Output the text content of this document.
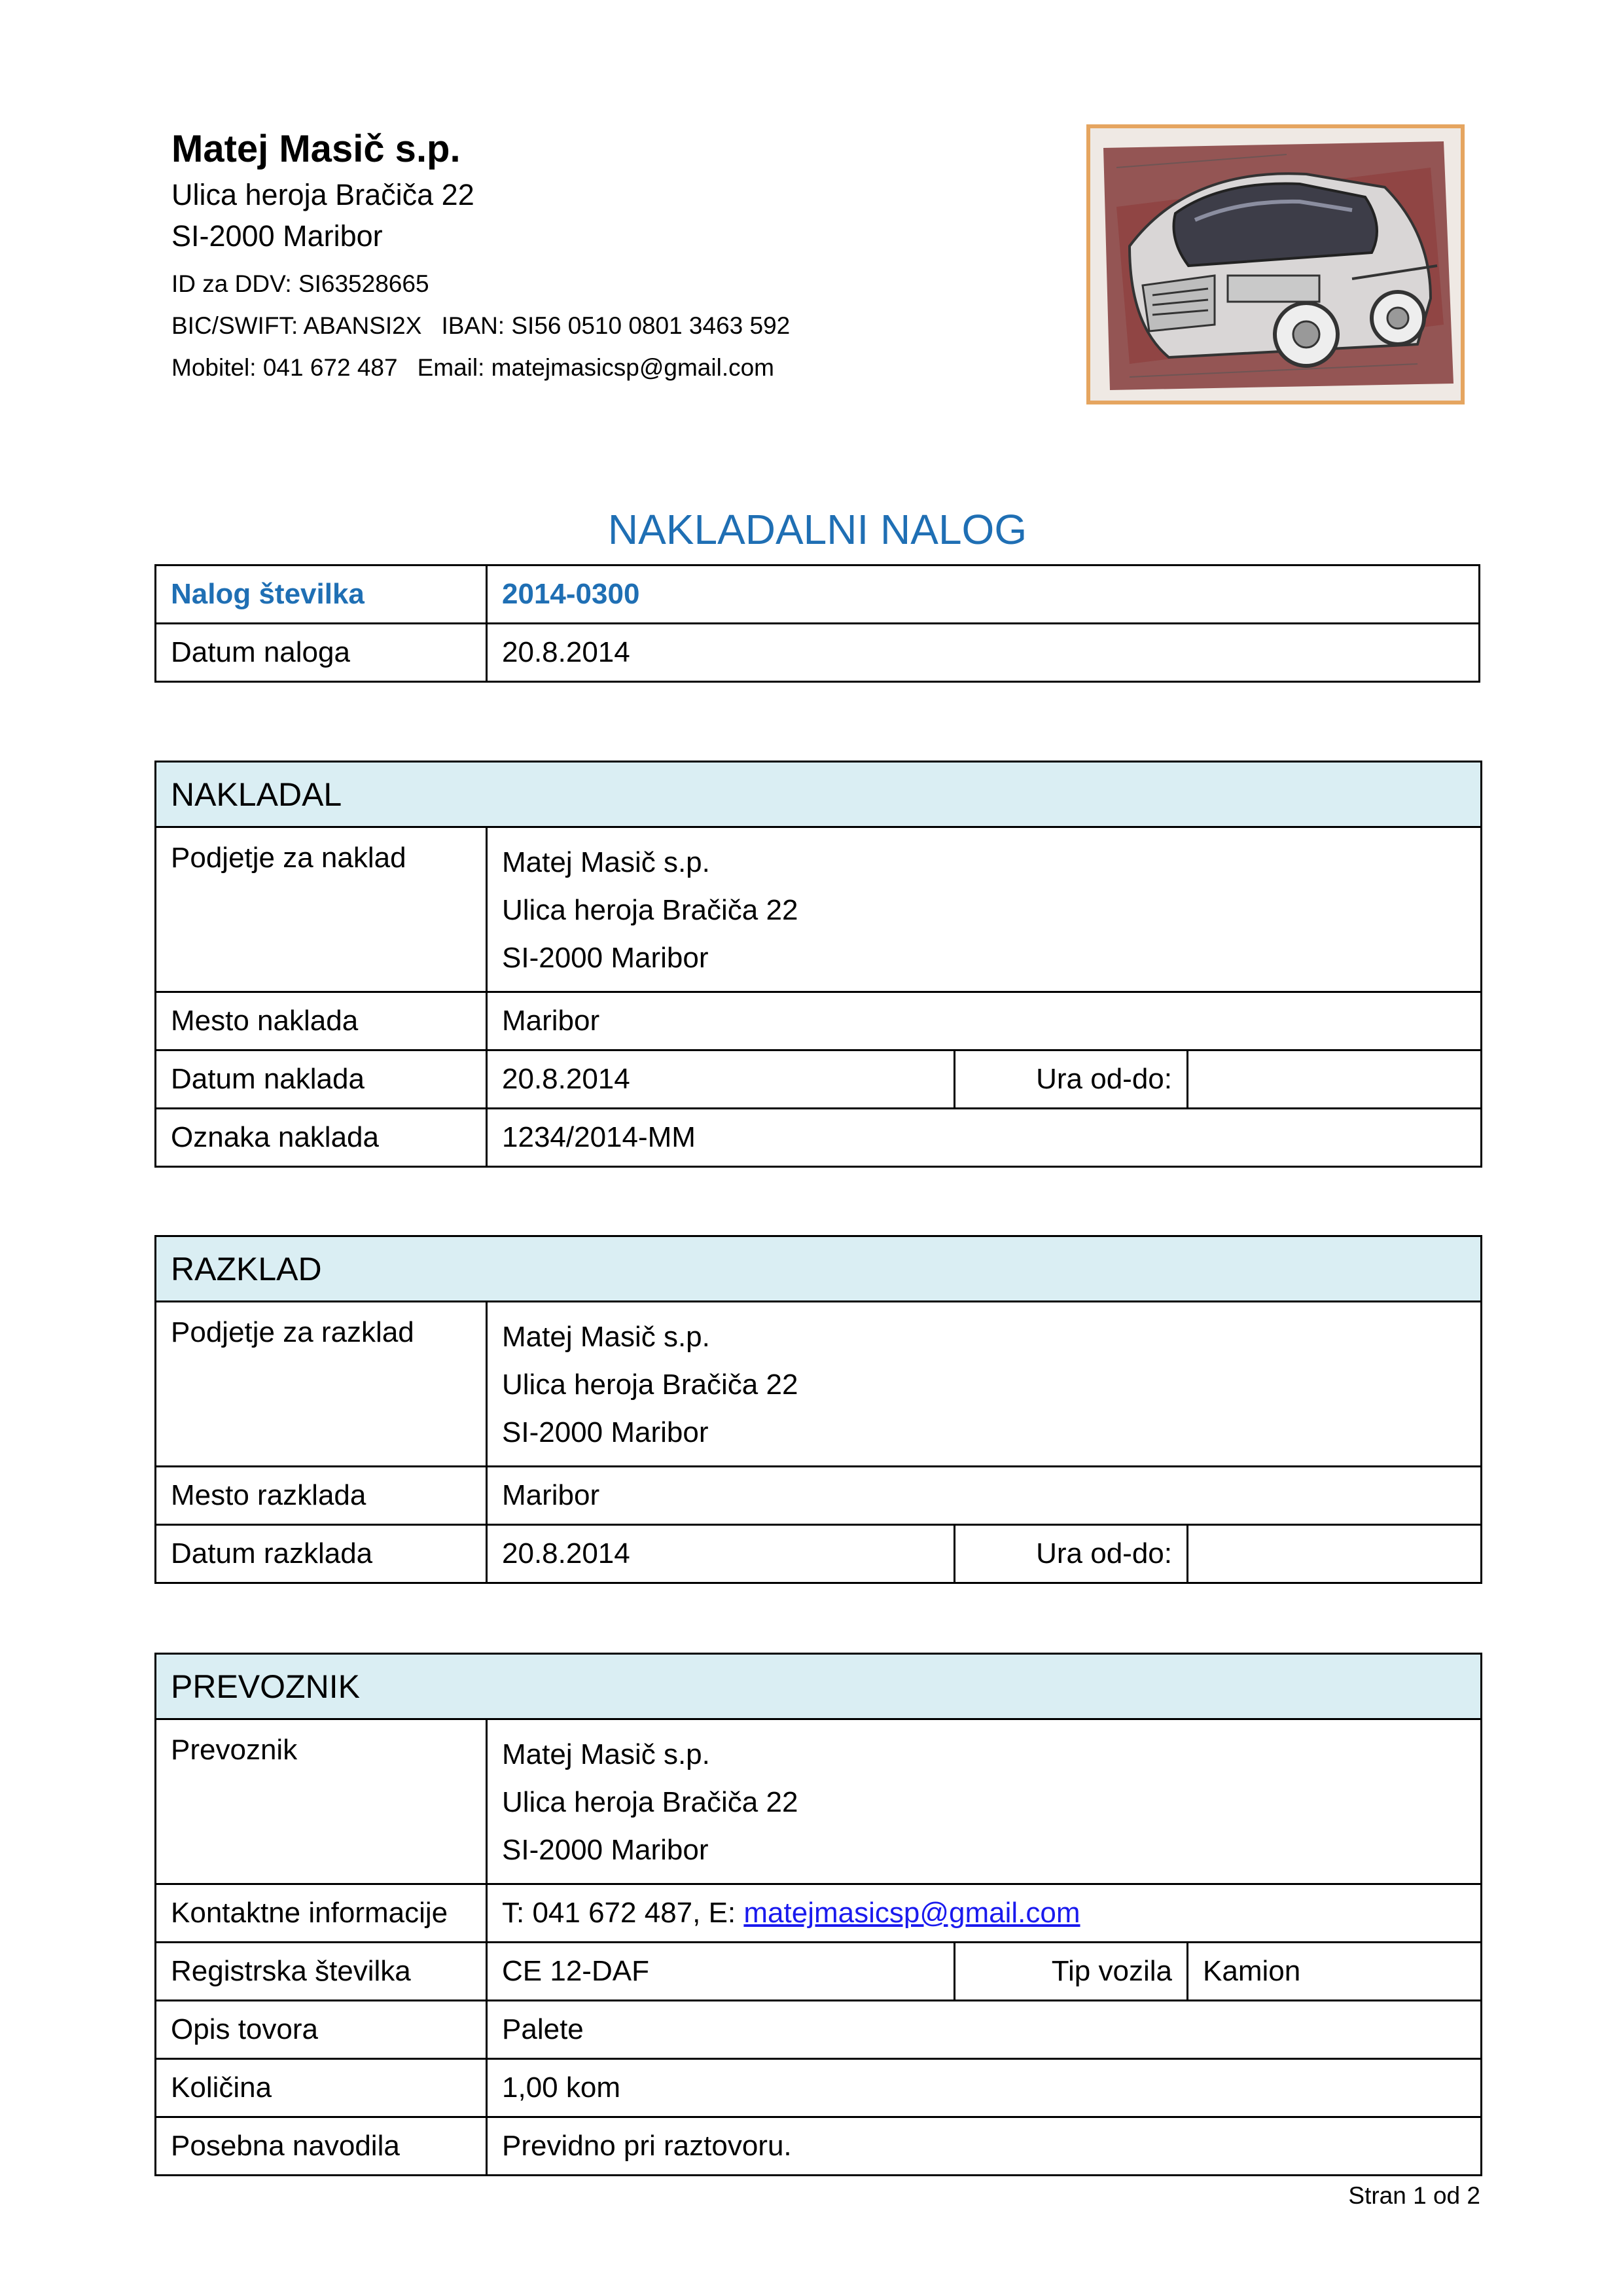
Matej Masič s.p.
Ulica heroja Bračiča 22
SI-2000 Maribor
ID za DDV: SI63528665
BIC/SWIFT: ABANSI2X IBAN: SI56 0510 0801 3463 592
Mobitel: 041 672 487 Email: matejmasicsp@gmail.com
NAKLADALNI NALOG
Nalog številka	2014-0300
Datum naloga	20.8.2014
NAKLADAL			
Podjetje za naklad	Matej Masič s.p.
Ulica heroja Bračiča 22
SI-2000 Maribor		

Mesto naklada	Maribor		
Datum naklada	20.8.2014	Ura od-do:	
Oznaka naklada	1234/2014-MM		
RAZKLAD			
Podjetje za razklad	Matej Masič s.p.
Ulica heroja Bračiča 22
SI-2000 Maribor		

Mesto razklada	Maribor		
Datum razklada	20.8.2014	Ura od-do:	
PREVOZNIK			
Prevoznik	Matej Masič s.p.
Ulica heroja Bračiča 22
SI-2000 Maribor		

Kontaktne informacije	T: 041 672 487, E: matejmasicsp@gmail.com		
Registrska številka	CE 12-DAF	Tip vozila	Kamion
Opis tovora	Palete		
Količina	1,00 kom		
Posebna navodila	Previdno pri raztovoru.		
Stran 1 od 2
